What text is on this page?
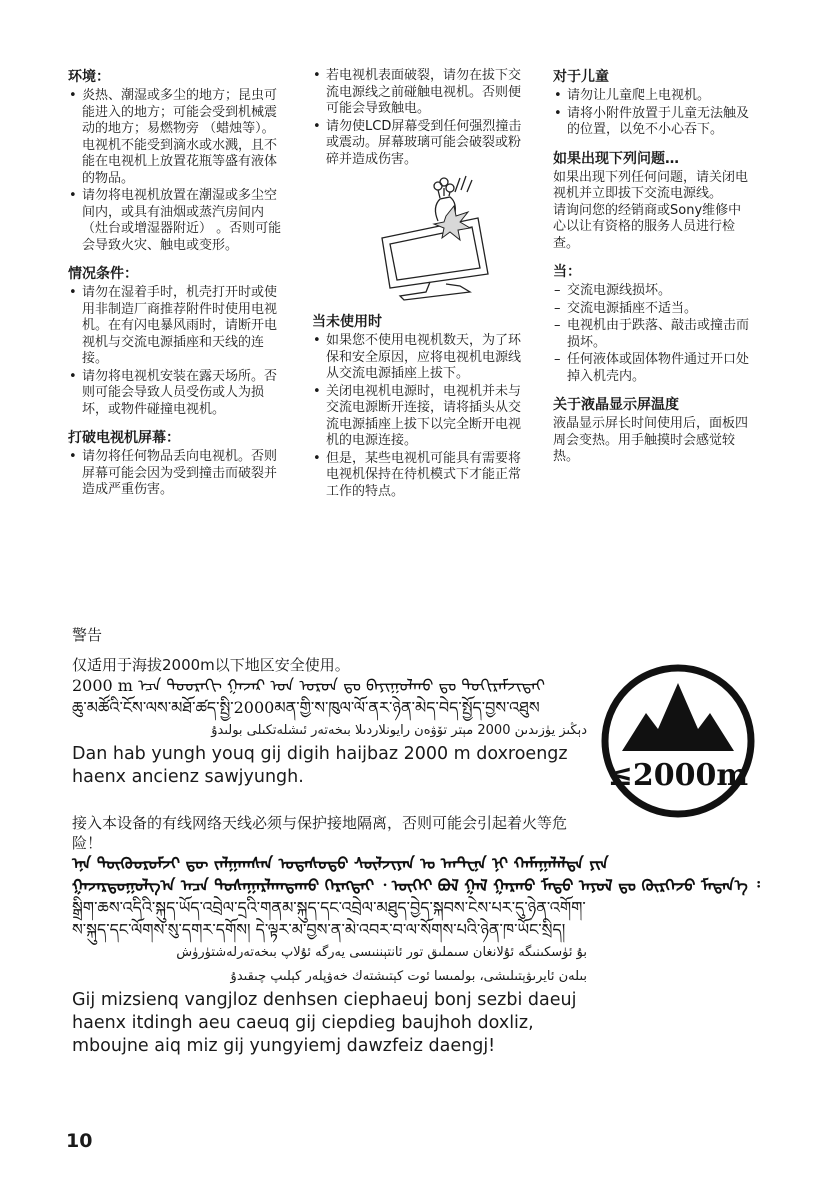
环境：
• 炎热、潮湿或多尘的地方；昆虫可能进入的地方；可能会受到机械震动的地方；易燃物旁 （蜡烛等）。电视机不能受到滴水或水溅，且不能在电视机上放置花瓶等盛有液体的物品。
• 请勿将电视机放置在潮湿或多尘空间内，或具有油烟或蒸汽房间内 （灶台或增湿器附近） 。否则可能会导致火灾、触电或变形。
情况条件：
• 请勿在湿着手时，机壳打开时或使用非制造厂商推荐附件时使用电视机。在有闪电暴风雨时，请断开电视机与交流电源插座和天线的连接。
• 请勿将电视机安装在露天场所。否则可能会导致人员受伤或人为损坏，或物件碰撞电视机。
打破电视机屏幕：
• 请勿将任何物品丢向电视机。否则屏幕可能会因为受到撞击而破裂并造成严重伤害。
• 若电视机表面破裂，请勿在拔下交流电源线之前碰触电视机。否则便可能会导致触电。
• 请勿使LCD屏幕受到任何强烈撞击或震动。屏幕玻璃可能会破裂或粉碎并造成伤害。
当未使用时
• 如果您不使用电视机数天，为了环保和安全原因，应将电视机电源线从交流电源插座上拔下。
• 关闭电视机电源时，电视机并未与交流电源断开连接，请将插头从交流电源插座上拔下以完全断开电视机的电源连接。
• 但是，某些电视机可能具有需要将电视机保持在待机模式下才能正常工作的特点。
对于儿童
• 请勿让儿童爬上电视机。
• 请将小附件放置于儿童无法触及的位置，以免不小心吞下。
如果出现下列问题…

如果出现下列任何问题，请关闭电视机并立即拔下交流电源线。

请询问您的经销商或Sony维修中心以让有资格的服务人员进行检查。

当：
– 交流电源线损坏。
– 交流电源插座不适当。
– 电视机由于跌落、敲击或撞击而损坏。
– 任何液体或固体物件通过开口处掉入机壳内。
关于液晶显示屏温度

液晶显示屏长时间使用后，面板四周会变热。用手触摸时会感觉较热。

警告
仅适用于海拔2000m以下地区安全使用。
2000 m ᠡᠴᠡ ᠳᠣᠣᠷᠠᠬᠢ ᠭᠠᠵᠠᠷ ᠤᠨ ᠣᠷᠣᠨ ᠳᠤ ᠪᠠᠶᠢᠭᠤᠯᠬᠤ ᠳᠤ ᠲᠣᠬᠢᠷᠠᠮᠵᠢᠲᠠᠢ
ཆུ་མཚོའི་ངོས་ལས་མཐོ་ཚད་སྤྱི་2000མན་གྱི་ས་ཁུལ་ལོ་ནར་ཉེན་མེད་བེད་སྤྱོད་བྱས་འཐུས
دېڭىز يۈزىدىن 2000 مېتر تۆۋەن رايونلاردىلا بىخەتەر ئىشلەتكىلى بولىدۇ
Dan hab yungh youq gij digih haijbaz 2000 m doxroengz haenx ancienz sawjyungh.
接入本设备的有线网络天线必须与保护接地隔离，否则可能会引起着火等危险！
ᠡᠨᠡ ᠲᠥᠬᠦᠦᠷᠦᠮᠵᠢ ᠳᠦ ᠵᠠᠯᠭᠠᠭᠰᠠᠨ ᠤᠲᠠᠰᠤᠲᠤ ᠰᠦᠯᠵᠢᠶᠡᠨ ᠤ ᠠᠨᠲ᠋ᠧᠨ᠋ᠠ ᠨᠢ ᠬᠠᠮᠠᠭᠠᠯᠠᠯᠲᠠ ᠶᠢᠨ
ᠭᠠᠵᠠᠷᠳᠤᠭᠤᠯᠭ᠎ᠠ ᠠᠴᠠ ᠲᠤᠰᠠᠭᠠᠷᠯᠠᠭᠳᠠᠬᠤ ᠬᠡᠷᠡᠭᠲᠡᠢ ᠂ ᠦᠭᠡᠢ ᠪᠣᠯ ᠭᠠᠯ ᠭᠠᠷᠬᠤ ᠮᠡᠲᠦ ᠠᠶᠤᠯ ᠳᠤ ᠬᠦᠷᠭᠡᠵᠦ ᠮᠡᠳᠡᠨ᠎ᠡ ᠄
སྒྲིག་ཆས་འདིའི་སྐུད་ཡོད་འབྲེལ་དྲའི་གནམ་སྐུད་དང་འབྲེལ་མཐུད་བྱེད་སྐབས་ངེས་པར་དུ་ཉེན་འགོག་
ས་སྐུད་དང་ལོགས་སུ་དགར་དགོས། དེ་ལྟར་མ་བྱས་ན་མེ་འབར་བ་ལ་སོགས་པའི་ཉེན་ཁ་ཡོང་སྲིད།
بۇ ئۈسكىنىگە ئۇلانغان سىملىق تور ئانتېننىسى يەرگە ئۇلاپ بىخەتەرلەشتۈرۈش
بىلەن ئايرىۋېتىلىشى، بولمىسا ئوت كېتىشتەك خەۋپلەر كېلىپ چىقىدۇ
Gij mizsienq vangjloz denhsen ciephaeuj bonj sezbi daeuj haenx itdingh aeu caeuq gij ciepdieg baujhoh doxliz, mboujne aiq miz gij yungyiemj dawzfeiz daengj!
≤2000m
10
